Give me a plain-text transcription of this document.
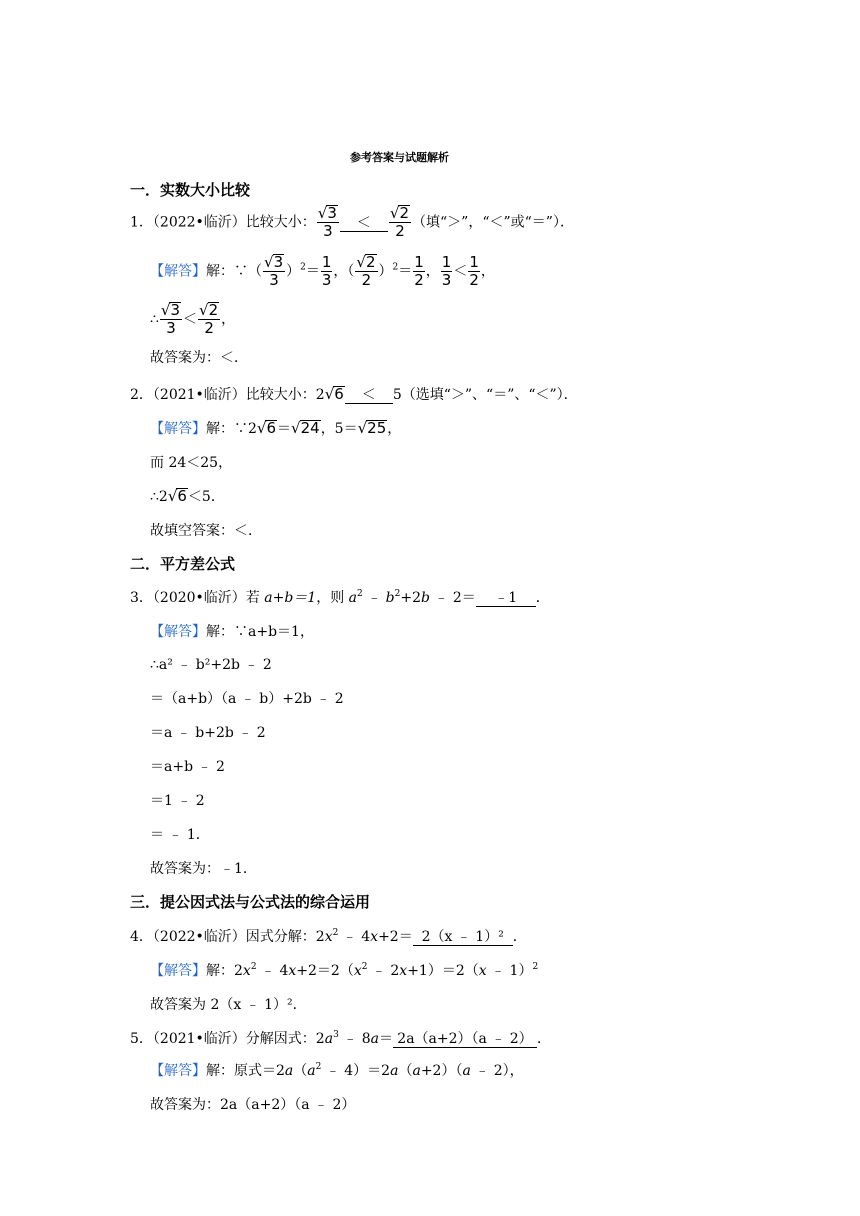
参考答案与试题解析
一．实数大小比较
1．（2022•临沂）比较大小： $\frac{√3}{3} < \frac{√2}{2}$ （填“＞”，“＜”或“＝”）．
【解答】解：∵（ $\frac{√3}{3} )^2= \frac{1}{3}$ ，（ $\frac{√2}{2} )^2= \frac{1}{2}$ ， $\frac{1}{3} < \frac{1}{2}$ ，
∴ $\frac{√3}{3} < \frac{√2}{2}$ ，
故答案为：＜．
2．（2021•临沂）比较大小：2√6 ＜ 5（选填“＞”、“＝”、“＜”）．
【解答】解：∵2√6＝√24，5＝√25，
而 24＜25，
∴2√6＜5．
故填空答案：＜．
二．平方差公式
3．（2020•临沂）若 a+b＝1，则 $a^2$ ﹣ $b^2+2b$ ﹣ 2＝ ﹣1 ．
【解答】解：∵a+b＝1，
∴a² ﹣ b²+2b ﹣ 2
＝（a+b）（a ﹣ b）+2b ﹣ 2
＝a ﹣ b+2b ﹣ 2
＝a+b ﹣ 2
＝1 ﹣ 2
＝ ﹣ 1．
故答案为：﹣1．
三．提公因式法与公式法的综合运用
4．（2022•临沂）因式分解：$2x^2$ ﹣ 4x+2＝ 2（x ﹣ 1）² ．
【解答】解：$2x^2$ ﹣ $4x+2=2(x^2$ ﹣ 2x+1）＝2（x ﹣ 1）$^2$
故答案为 2（x ﹣ 1）²．
5．（2021•临沂）分解因式：$2a^3$ ﹣ 8a＝ 2a（a+2）（a ﹣ 2） ．
【解答】解：原式$=2a(a^2$ ﹣ 4）＝2a（a+2）（a ﹣ 2），
故答案为：2a（a+2）（a ﹣ 2）
